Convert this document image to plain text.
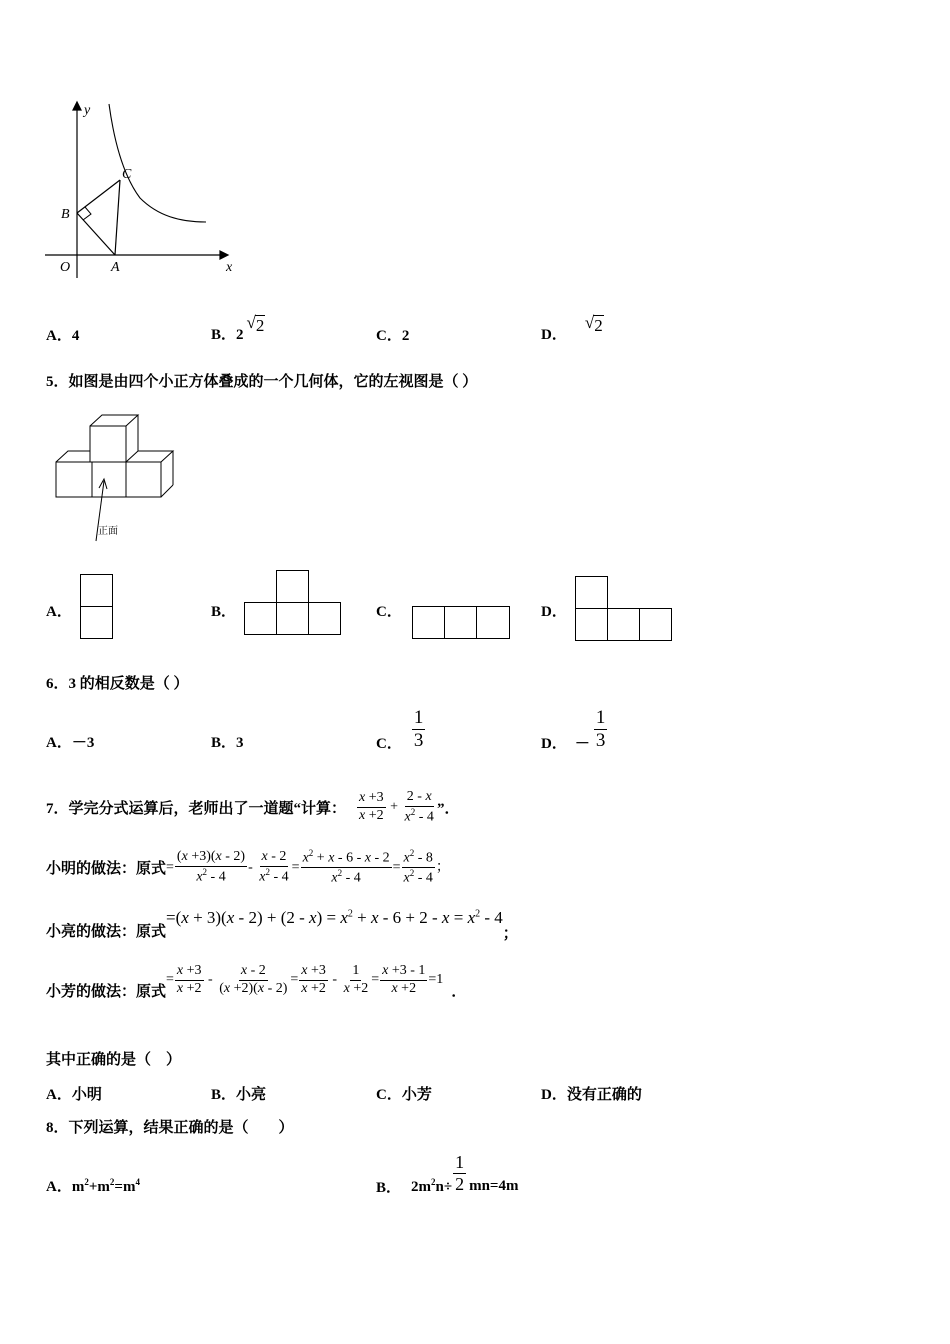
y
x
O	A
B
C
A．4	B． 2
√ 2
C．2	D．
√ 2
5．如图是由四个小正方体叠成的一个几何体，它的左视图是（ ）
正面
A．	B．	C．	D．
6．3 的相反数是（ ）
A．－3	B．3	C． $\frac{1}{3}$	D． － $\frac{1}{3}$
7．学完分式运算后，老师出了一道题“计算： $\frac{x +3}{x +2} + \frac{2 - x}{x^2 - 4}$ ”．
小明的做法：原式 = $\frac{(x +3)(x - 2)}{x^2 - 4} - \frac{x - 2}{x^2 - 4} = \frac{x^2 + x - 6 - x - 2}{x^2 - 4} = \frac{x^2 - 8}{x^2 - 4}$ ；
小亮的做法：原式
$=(x + 3)(x - 2) + (2 - x) = x^2 + x - 6 + 2 - x = x^2 - 4$
；
小芳的做法：原式
= $\frac{x +3}{x +2} - \frac{x - 2}{(x +2)(x - 2)} = \frac{x +3}{x +2} - \frac{1}{x +2} = \frac{x +3 - 1}{x +2} =1$
．
其中正确的是（　）
A．小明	B．小亮	C．小芳	D．没有正确的
8．下列运算，结果正确的是（　　）
A．$m^2+m^2=m^4$	B． $2m^2n\div \frac{1}{2} mn=4m$
